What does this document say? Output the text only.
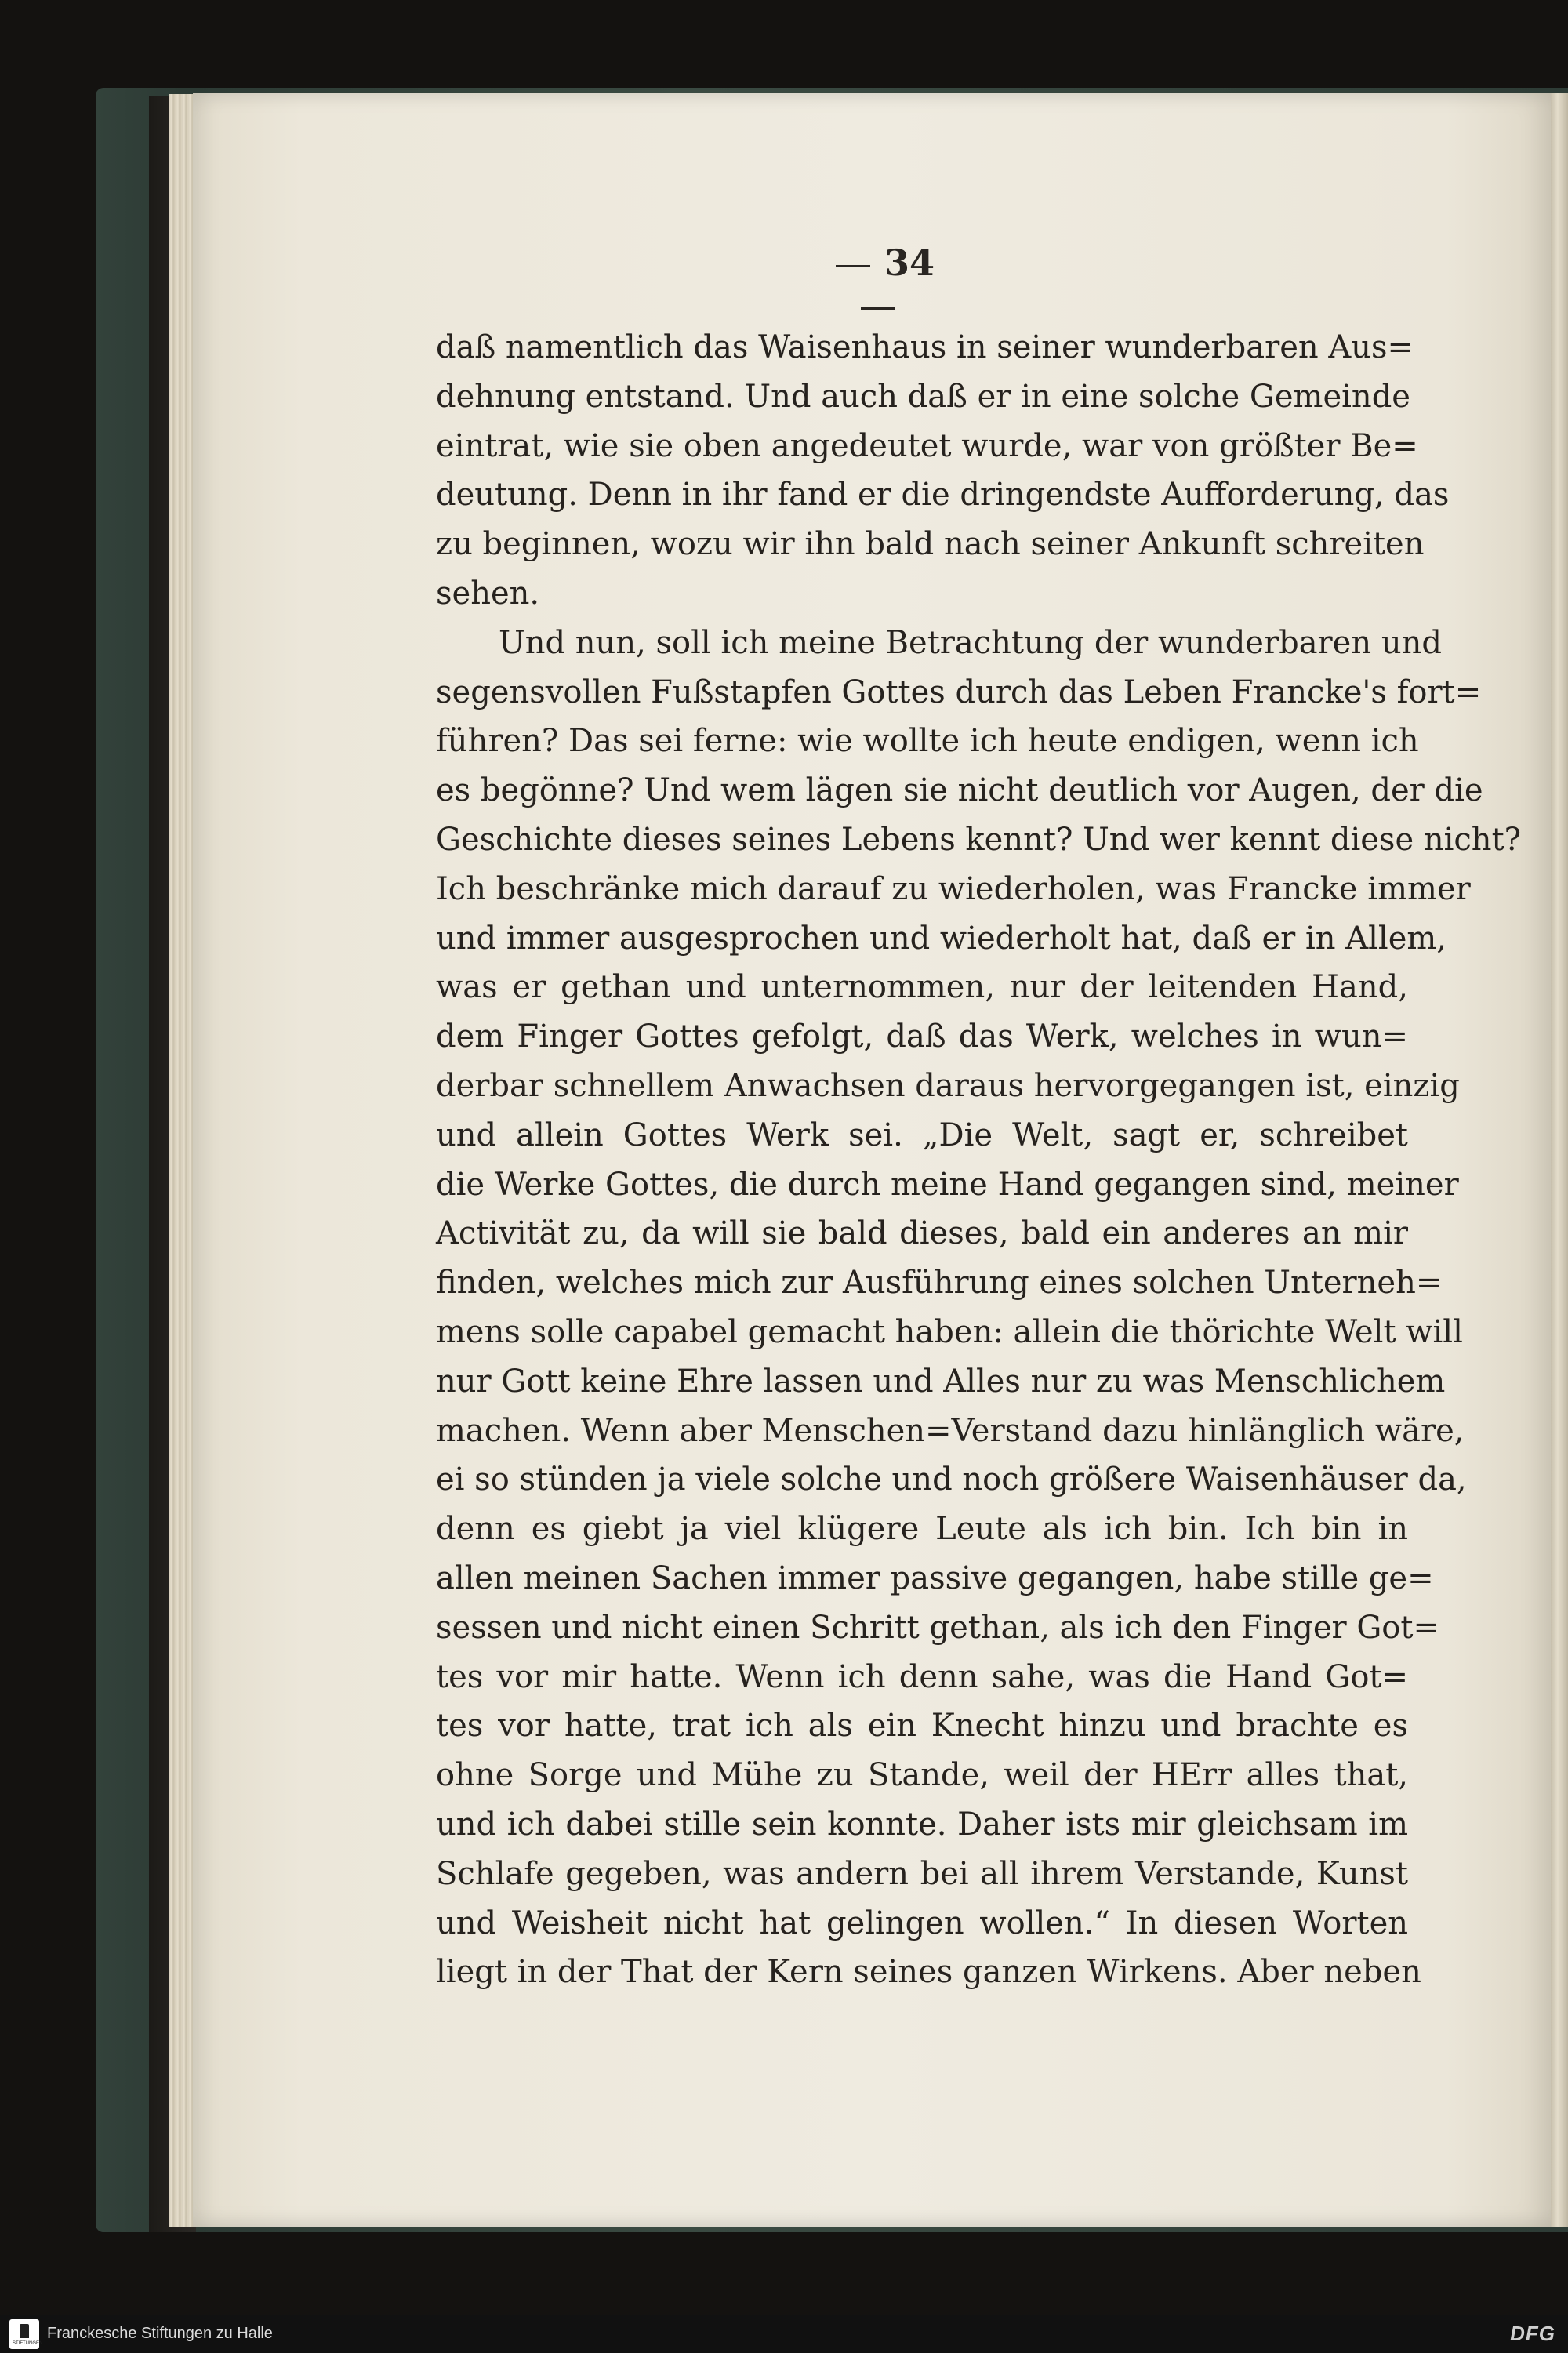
34
daß namentlich das Waisenhaus in seiner wunderbaren Aus=
dehnung entstand. Und auch daß er in eine solche Gemeinde
eintrat, wie sie oben angedeutet wurde, war von größter Be=
deutung. Denn in ihr fand er die dringendste Aufforderung, das
zu beginnen, wozu wir ihn bald nach seiner Ankunft schreiten
sehen.
Und nun, soll ich meine Betrachtung der wunderbaren und
segensvollen Fußstapfen Gottes durch das Leben Francke's fort=
führen? Das sei ferne: wie wollte ich heute endigen, wenn ich
es begönne? Und wem lägen sie nicht deutlich vor Augen, der die
Geschichte dieses seines Lebens kennt? Und wer kennt diese nicht?
Ich beschränke mich darauf zu wiederholen, was Francke immer
und immer ausgesprochen und wiederholt hat, daß er in Allem,
was er gethan und unternommen, nur der leitenden Hand,
dem Finger Gottes gefolgt, daß das Werk, welches in wun=
derbar schnellem Anwachsen daraus hervorgegangen ist, einzig
und allein Gottes Werk sei. „Die Welt, sagt er, schreibet
die Werke Gottes, die durch meine Hand gegangen sind, meiner
Activität zu, da will sie bald dieses, bald ein anderes an mir
finden, welches mich zur Ausführung eines solchen Unterneh=
mens solle capabel gemacht haben: allein die thörichte Welt will
nur Gott keine Ehre lassen und Alles nur zu was Menschlichem
machen. Wenn aber Menschen=Verstand dazu hinlänglich wäre,
ei so stünden ja viele solche und noch größere Waisenhäuser da,
denn es giebt ja viel klügere Leute als ich bin. Ich bin in
allen meinen Sachen immer passive gegangen, habe stille ge=
sessen und nicht einen Schritt gethan, als ich den Finger Got=
tes vor mir hatte. Wenn ich denn sahe, was die Hand Got=
tes vor hatte, trat ich als ein Knecht hinzu und brachte es
ohne Sorge und Mühe zu Stande, weil der HErr alles that,
und ich dabei stille sein konnte. Daher ists mir gleichsam im
Schlafe gegeben, was andern bei all ihrem Verstande, Kunst
und Weisheit nicht hat gelingen wollen.“ In diesen Worten
liegt in der That der Kern seines ganzen Wirkens. Aber neben
STIFTUNGEN
Franckesche Stiftungen zu Halle	DFG
